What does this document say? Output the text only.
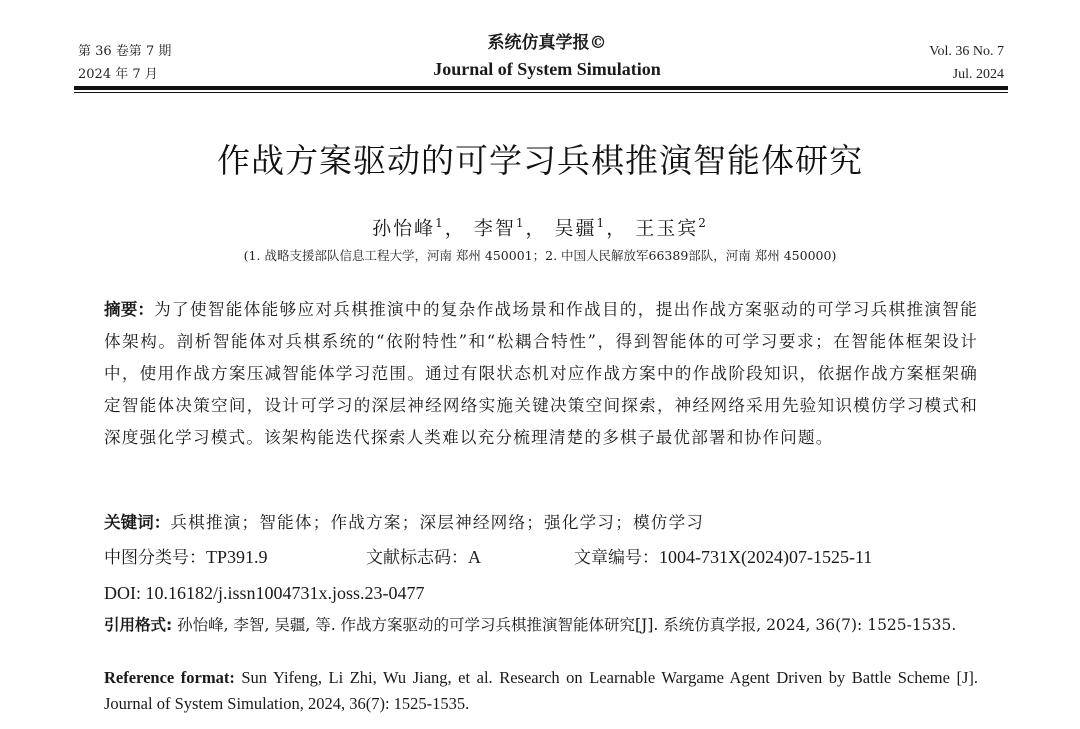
第 36 卷第 7 期
2024 年 7 月
系统仿真学报©
Journal of System Simulation
Vol. 36 No. 7
Jul. 2024
作战方案驱动的可学习兵棋推演智能体研究
孙怡峰$^1$ ， 李智$^1$ ， 吴疆$^1$ ， 王玉宾$^2$
(1. 战略支援部队信息工程大学，河南 郑州 450001；2. 中国人民解放军66389部队，河南 郑州 450000)
摘要：为了使智能体能够应对兵棋推演中的复杂作战场景和作战目的，提出作战方案驱动的可学习兵棋推演智能体架构。剖析智能体对兵棋系统的“依附特性”和“松耦合特性”，得到智能体的可学习要求；在智能体框架设计中，使用作战方案压减智能体学习范围。通过有限状态机对应作战方案中的作战阶段知识，依据作战方案框架确定智能体决策空间，设计可学习的深层神经网络实施关键决策空间探索，神经网络采用先验知识模仿学习模式和深度强化学习模式。该架构能迭代探索人类难以充分梳理清楚的多棋子最优部署和协作问题。
关键词：兵棋推演；智能体；作战方案；深层神经网络；强化学习；模仿学习
中图分类号：TP391.9	文献标志码：A	文章编号：1004-731X(2024)07-1525-11
DOI: 10.16182/j.issn1004731x.joss.23-0477
引用格式: 孙怡峰, 李智, 吴疆, 等. 作战方案驱动的可学习兵棋推演智能体研究[J]. 系统仿真学报, 2024, 36(7): 1525-1535.
Reference format: Sun Yifeng, Li Zhi, Wu Jiang, et al. Research on Learnable Wargame Agent Driven by Battle Scheme [J]. Journal of System Simulation, 2024, 36(7): 1525-1535.
